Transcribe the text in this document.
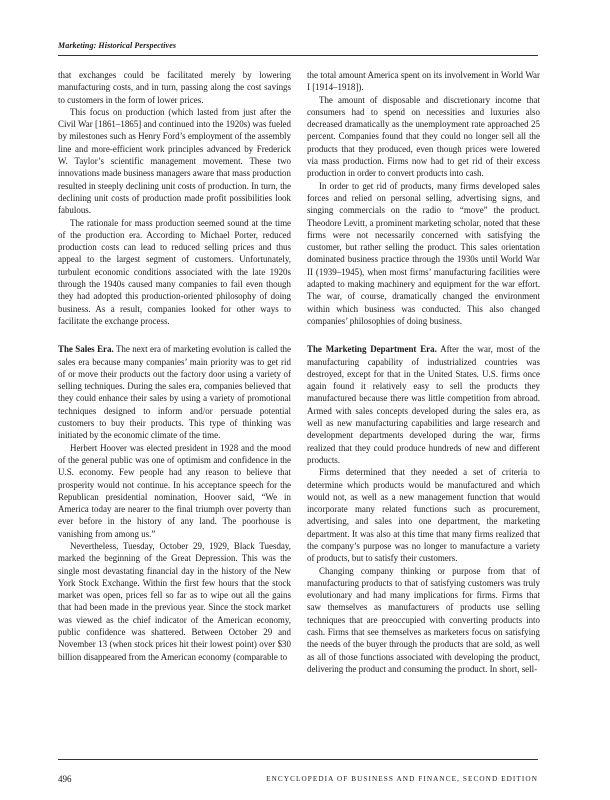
Marketing: Historical Perspectives

that exchanges could be facilitated merely by lowering manufacturing costs, and in turn, passing along the cost savings to customers in the form of lower prices.

This focus on production (which lasted from just after the Civil War [1861–1865] and continued into the 1920s) was fueled by milestones such as Henry Ford’s employment of the assembly line and more-efficient work principles advanced by Frederick W. Taylor’s scientific management movement. These two innovations made business managers aware that mass production resulted in steeply declining unit costs of production. In turn, the declining unit costs of production made profit possibilities look fabulous.

The rationale for mass production seemed sound at the time of the production era. According to Michael Porter, reduced production costs can lead to reduced selling prices and thus appeal to the largest segment of customers. Unfortunately, turbulent economic conditions associated with the late 1920s through the 1940s caused many companies to fail even though they had adopted this production-oriented philosophy of doing business. As a result, companies looked for other ways to facilitate the exchange process.

The Sales Era. The next era of marketing evolution is called the sales era because many companies’ main priority was to get rid of or move their products out the factory door using a variety of selling techniques. During the sales era, companies believed that they could enhance their sales by using a variety of promotional techniques designed to inform and/or persuade potential customers to buy their products. This type of thinking was initiated by the economic climate of the time.

Herbert Hoover was elected president in 1928 and the mood of the general public was one of optimism and confidence in the U.S. economy. Few people had any reason to believe that prosperity would not continue. In his acceptance speech for the Republican presidential nomination, Hoover said, “We in America today are nearer to the final triumph over poverty than ever before in the history of any land. The poorhouse is vanishing from among us.”

Nevertheless, Tuesday, October 29, 1929, Black Tuesday, marked the beginning of the Great Depression. This was the single most devastating financial day in the history of the New York Stock Exchange. Within the first few hours that the stock market was open, prices fell so far as to wipe out all the gains that had been made in the previous year. Since the stock market was viewed as the chief indicator of the American economy, public confidence was shattered. Between October 29 and November 13 (when stock prices hit their lowest point) over $30 billion disappeared from the American economy (comparable to

the total amount America spent on its involvement in World War I [1914–1918]).

The amount of disposable and discretionary income that consumers had to spend on necessities and luxuries also decreased dramatically as the unemployment rate approached 25 percent. Companies found that they could no longer sell all the products that they produced, even though prices were lowered via mass production. Firms now had to get rid of their excess production in order to convert products into cash.

In order to get rid of products, many firms developed sales forces and relied on personal selling, advertising signs, and singing commercials on the radio to “move” the product. Theodore Levitt, a prominent marketing scholar, noted that these firms were not necessarily concerned with satisfying the customer, but rather selling the product. This sales orientation dominated business practice through the 1930s until World War II (1939–1945), when most firms’ manufacturing facilities were adapted to making machinery and equipment for the war effort. The war, of course, dramatically changed the environment within which business was conducted. This also changed companies’ philosophies of doing business.

The Marketing Department Era. After the war, most of the manufacturing capability of industrialized countries was destroyed, except for that in the United States. U.S. firms once again found it relatively easy to sell the products they manufactured because there was little competition from abroad. Armed with sales concepts developed during the sales era, as well as new manufacturing capabilities and large research and development departments developed during the war, firms realized that they could produce hundreds of new and different products.

Firms determined that they needed a set of criteria to determine which products would be manufactured and which would not, as well as a new management function that would incorporate many related functions such as procurement, advertising, and sales into one department, the marketing department. It was also at this time that many firms realized that the company’s purpose was no longer to manufacture a variety of products, but to satisfy their customers.

Changing company thinking or purpose from that of manufacturing products to that of satisfying customers was truly evolutionary and had many implications for firms. Firms that saw themselves as manufacturers of products use selling techniques that are preoccupied with converting products into cash. Firms that see themselves as marketers focus on satisfying the needs of the buyer through the products that are sold, as well as all of those functions associated with developing the product, delivering the product and consuming the product. In short, sell-

496	ENCYCLOPEDIA OF BUSINESS AND FINANCE, SECOND EDITION
